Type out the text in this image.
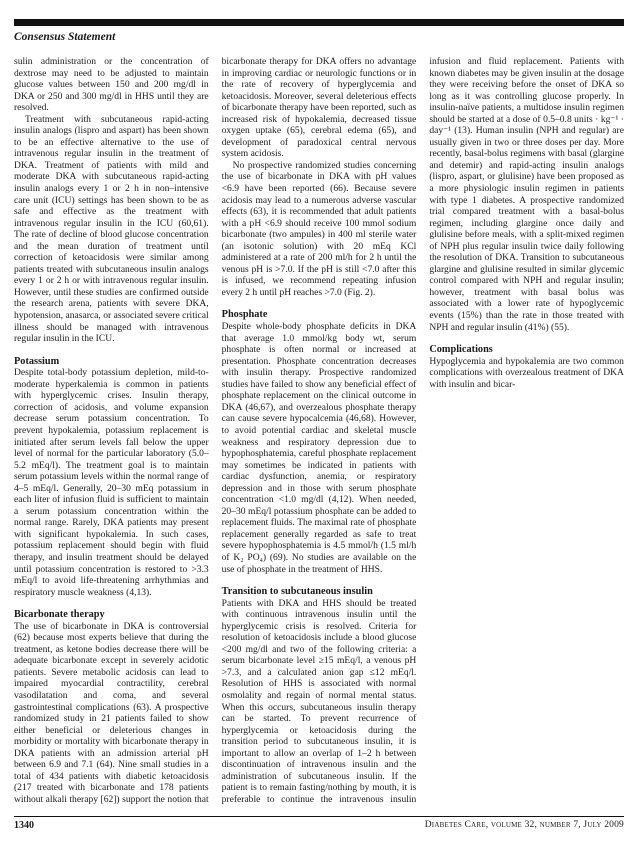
Consensus Statement

sulin administration or the concentration of dextrose may need to be adjusted to maintain glucose values between 150 and 200 mg/dl in DKA or 250 and 300 mg/dl in HHS until they are resolved.

Treatment with subcutaneous rapid-acting insulin analogs (lispro and aspart) has been shown to be an effective alternative to the use of intravenous regular insulin in the treatment of DKA. Treatment of patients with mild and moderate DKA with subcutaneous rapid-acting insulin analogs every 1 or 2 h in non–intensive care unit (ICU) settings has been shown to be as safe and effective as the treatment with intravenous regular insulin in the ICU (60,61). The rate of decline of blood glucose concentration and the mean duration of treatment until correction of ketoacidosis were similar among patients treated with subcutaneous insulin analogs every 1 or 2 h or with intravenous regular insulin. However, until these studies are confirmed outside the research arena, patients with severe DKA, hypotension, anasarca, or associated severe critical illness should be managed with intravenous regular insulin in the ICU.

Potassium

Despite total-body potassium depletion, mild-to-moderate hyperkalemia is common in patients with hyperglycemic crises. Insulin therapy, correction of acidosis, and volume expansion decrease serum potassium concentration. To prevent hypokalemia, potassium replacement is initiated after serum levels fall below the upper level of normal for the particular laboratory (5.0–5.2 mEq/l). The treatment goal is to maintain serum potassium levels within the normal range of 4–5 mEq/l. Generally, 20–30 mEq potassium in each liter of infusion fluid is sufficient to maintain a serum potassium concentration within the normal range. Rarely, DKA patients may present with significant hypokalemia. In such cases, potassium replacement should begin with fluid therapy, and insulin treatment should be delayed until potassium concentration is restored to >3.3 mEq/l to avoid life-threatening arrhythmias and respiratory muscle weakness (4,13).

Bicarbonate therapy

The use of bicarbonate in DKA is controversial (62) because most experts believe that during the treatment, as ketone bodies decrease there will be adequate bicarbonate except in severely acidotic patients. Severe metabolic acidosis can lead to impaired myocardial contractility, cerebral vasodilatation and coma, and several gastrointestinal complications (63). A prospective randomized study in 21 patients failed to show either beneficial or deleterious changes in morbidity or mortality with bicarbonate therapy in DKA patients with an admission arterial pH between 6.9 and 7.1 (64). Nine small studies in a total of 434 patients with diabetic ketoacidosis (217 treated with bicarbonate and 178 patients without alkali therapy [62]) support the notion that bicarbonate therapy for DKA offers no advantage in improving cardiac or neurologic functions or in the rate of recovery of hyperglycemia and ketoacidosis. Moreover, several deleterious effects of bicarbonate therapy have been reported, such as increased risk of hypokalemia, decreased tissue oxygen uptake (65), cerebral edema (65), and development of paradoxical central nervous system acidosis.

No prospective randomized studies concerning the use of bicarbonate in DKA with pH values <6.9 have been reported (66). Because severe acidosis may lead to a numerous adverse vascular effects (63), it is recommended that adult patients with a pH <6.9 should receive 100 mmol sodium bicarbonate (two ampules) in 400 ml sterile water (an isotonic solution) with 20 mEq KCl administered at a rate of 200 ml/h for 2 h until the venous pH is >7.0. If the pH is still <7.0 after this is infused, we recommend repeating infusion every 2 h until pH reaches >7.0 (Fig. 2).

Phosphate

Despite whole-body phosphate deficits in DKA that average 1.0 mmol/kg body wt, serum phosphate is often normal or increased at presentation. Phosphate concentration decreases with insulin therapy. Prospective randomized studies have failed to show any beneficial effect of phosphate replacement on the clinical outcome in DKA (46,67), and overzealous phosphate therapy can cause severe hypocalcemia (46,68). However, to avoid potential cardiac and skeletal muscle weakness and respiratory depression due to hypophosphatemia, careful phosphate replacement may sometimes be indicated in patients with cardiac dysfunction, anemia, or respiratory depression and in those with serum phosphate concentration <1.0 mg/dl (4,12). When needed, 20–30 mEq/l potassium phosphate can be added to replacement fluids. The maximal rate of phosphate replacement generally regarded as safe to treat severe hypophosphatemia is 4.5 mmol/h (1.5 ml/h of K₂ PO₄) (69). No studies are available on the use of phosphate in the treatment of HHS.

Transition to subcutaneous insulin

Patients with DKA and HHS should be treated with continuous intravenous insulin until the hyperglycemic crisis is resolved. Criteria for resolution of ketoacidosis include a blood glucose <200 mg/dl and two of the following criteria: a serum bicarbonate level ≥15 mEq/l, a venous pH >7.3, and a calculated anion gap ≤12 mEq/l. Resolution of HHS is associated with normal osmolality and regain of normal mental status. When this occurs, subcutaneous insulin therapy can be started. To prevent recurrence of hyperglycemia or ketoacidosis during the transition period to subcutaneous insulin, it is important to allow an overlap of 1–2 h between discontinuation of intravenous insulin and the administration of subcutaneous insulin. If the patient is to remain fasting/nothing by mouth, it is preferable to continue the intravenous insulin infusion and fluid replacement. Patients with known diabetes may be given insulin at the dosage they were receiving before the onset of DKA so long as it was controlling glucose properly. In insulin-naïve patients, a multidose insulin regimen should be started at a dose of 0.5–0.8 units · kg⁻¹ · day⁻¹ (13). Human insulin (NPH and regular) are usually given in two or three doses per day. More recently, basal-bolus regimens with basal (glargine and detemir) and rapid-acting insulin analogs (lispro, aspart, or glulisine) have been proposed as a more physiologic insulin regimen in patients with type 1 diabetes. A prospective randomized trial compared treatment with a basal-bolus regimen, including glargine once daily and glulisine before meals, with a split-mixed regimen of NPH plus regular insulin twice daily following the resolution of DKA. Transition to subcutaneous glargine and glulisine resulted in similar glycemic control compared with NPH and regular insulin; however, treatment with basal bolus was associated with a lower rate of hypoglycemic events (15%) than the rate in those treated with NPH and regular insulin (41%) (55).

Complications

Hypoglycemia and hypokalemia are two common complications with overzealous treatment of DKA with insulin and bicar-

1340	Diabetes Care, volume 32, number 7, July 2009
